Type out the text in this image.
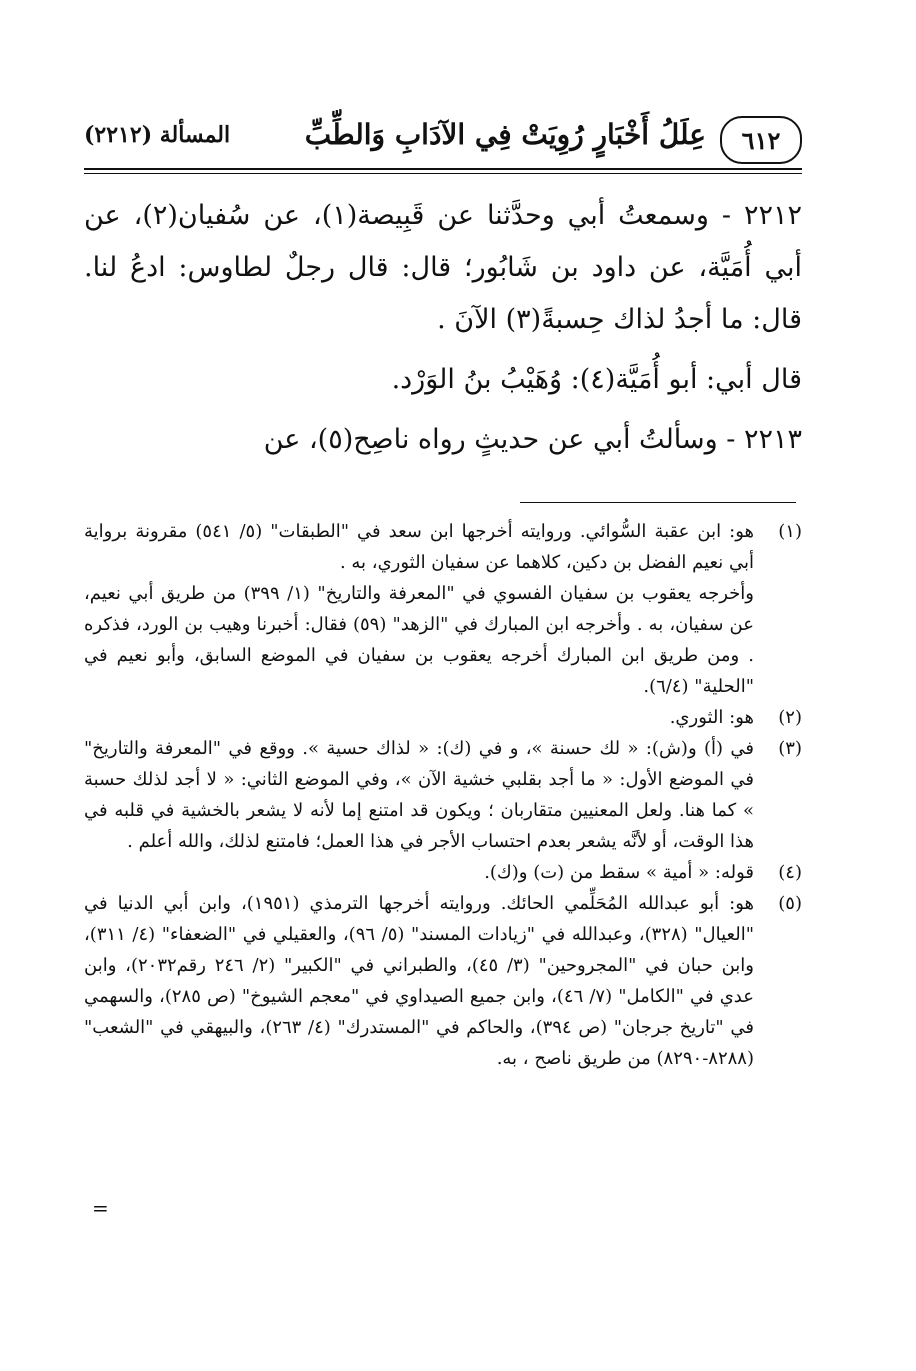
٦١٢
عِلَلُ أَخْبَارٍ رُوِيَتْ فِي الآدَابِ وَالطِّبِّ
المسألة (٢٢١٢)

٢٢١٢ - وسمعتُ أبي وحدَّثنا عن قَبِيصة(١)، عن سُفيان(٢)، عن أبي أُمَيَّة، عن داود بن شَابُور؛ قال: قال رجلٌ لطاوس: ادعُ لنا. قال: ما أجدُ لذاك حِسبةً(٣) الآنَ .

قال أبي: أبو أُمَيَّة(٤): وُهَيْبُ بنُ الوَرْد.

٢٢١٣ - وسألتُ أبي عن حديثٍ رواه ناصِح(٥)، عن

(١)

هو: ابن عقبة السُّوائي. وروايته أخرجها ابن سعد في "الطبقات" (٥/ ٥٤١) مقرونة برواية أبي نعيم الفضل بن دكين، كلاهما عن سفيان الثوري، به .

وأخرجه يعقوب بن سفيان الفسوي في "المعرفة والتاريخ" (١/ ٣٩٩) من طريق أبي نعيم، عن سفيان، به . وأخرجه ابن المبارك في "الزهد" (٥٩) فقال: أخبرنا وهيب بن الورد، فذكره . ومن طريق ابن المبارك أخرجه يعقوب بن سفيان في الموضع السابق، وأبو نعيم في "الحلية" (٦/٤).

(٢)

هو: الثوري.

(٣)

في (أ) و(ش): « لك حسنة »، و في (ك): « لذاك حسية ». ووقع في "المعرفة والتاريخ" في الموضع الأول: « ما أجد بقلبي خشية الآن »، وفي الموضع الثاني: « لا أجد لذلك حسبة » كما هنا. ولعل المعنيين متقاربان ؛ ويكون قد امتنع إما لأنه لا يشعر بالخشية في قلبه في هذا الوقت، أو لأنَّه يشعر بعدم احتساب الأجر في هذا العمل؛ فامتنع لذلك، والله أعلم .

(٤)

قوله: « أمية » سقط من (ت) و(ك).

(٥)

هو: أبو عبدالله المُحَلِّمي الحائك. وروايته أخرجها الترمذي (١٩٥١)، وابن أبي الدنيا في "العيال" (٣٢٨)، وعبدالله في "زيادات المسند" (٥/ ٩٦)، والعقيلي في "الضعفاء" (٤/ ٣١١)، وابن حبان في "المجروحين" (٣/ ٤٥)، والطبراني في "الكبير" (٢/ ٢٤٦ رقم٢٠٣٢)، وابن عدي في "الكامل" (٧/ ٤٦)، وابن جميع الصيداوي في "معجم الشيوخ" (ص ٢٨٥)، والسهمي في "تاريخ جرجان" (ص ٣٩٤)، والحاكم في "المستدرك" (٤/ ٢٦٣)، والبيهقي في "الشعب" (٨٢٨٨-٨٢٩٠) من طريق ناصح ، به.

=
